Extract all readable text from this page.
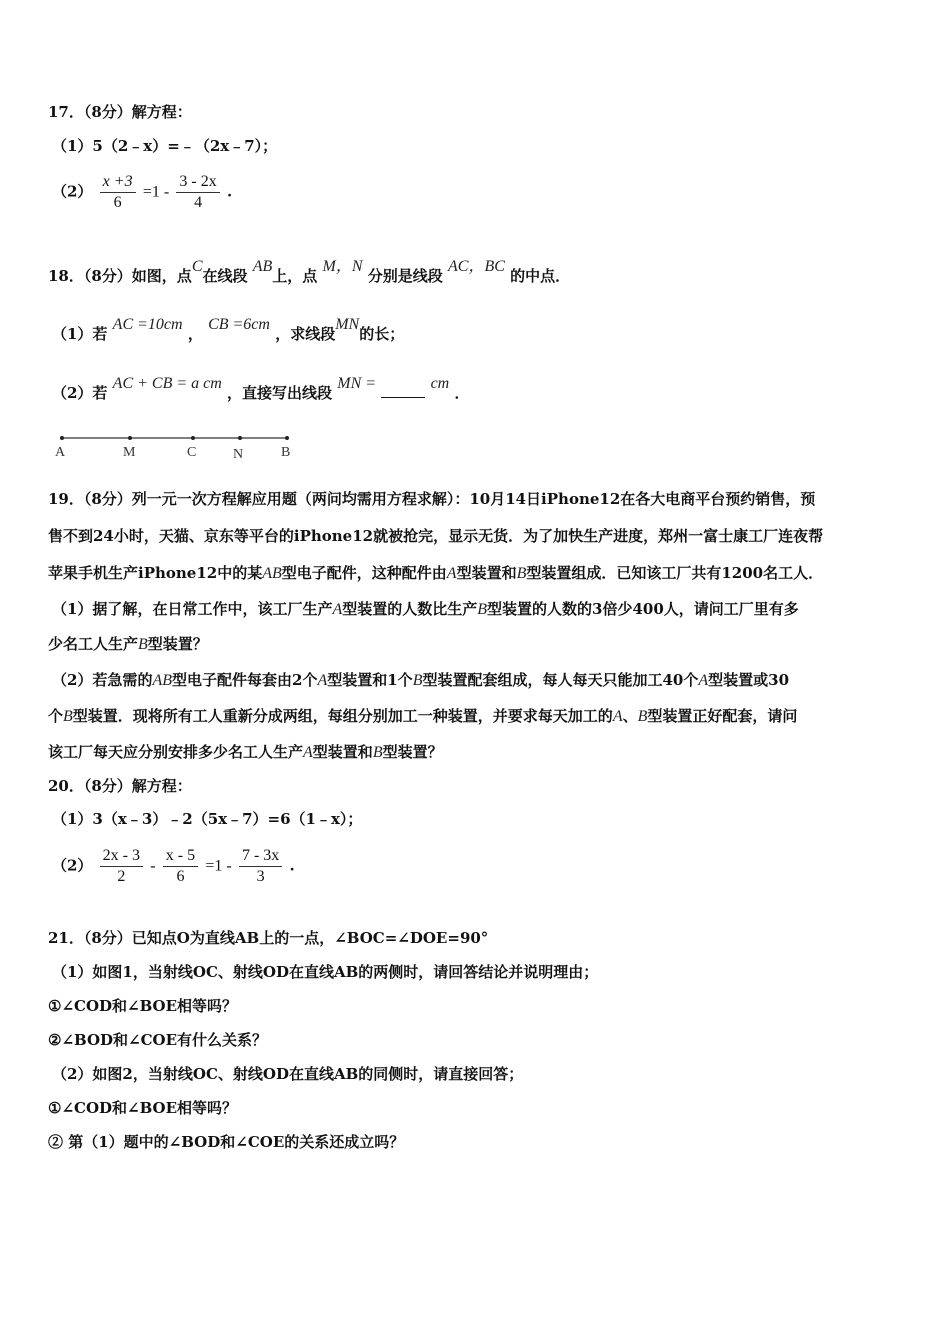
17．（8分）解方程：
（1）5（2﹣x）=﹣（2x﹣7）；
$(2) \frac{x +3}{6} =1 - \frac{3 - 2x}{4}$ .
18．（8分）如图，点C在线段 AB上，点 M，N 分别是线段 AC，BC 的中点．
（1）若 AC =10cm ， CB =6cm ，求线段MN的长；
（2）若 AC + CB = a cm ，直接写出线段 MN =	cm ．
A	M	C	N	B
19．（8分）列一元一次方程解应用题（两问均需用方程求解）：10月14日iPhone12在各大电商平台预约销售，预
售不到24小时，天猫、京东等平台的iPhone12就被抢完，显示无货．为了加快生产进度，郑州一富士康工厂连夜帮
苹果手机生产iPhone12中的某AB型电子配件，这种配件由A型装置和B型装置组成．已知该工厂共有1200名工人．
（1）据了解，在日常工作中，该工厂生产A型装置的人数比生产B型装置的人数的3倍少400人，请问工厂里有多
少名工人生产B型装置？
（2）若急需的AB型电子配件每套由2个A型装置和1个B型装置配套组成，每人每天只能加工40个A型装置或30
个B型装置．现将所有工人重新分成两组，每组分别加工一种装置，并要求每天加工的A、B型装置正好配套，请问
该工厂每天应分别安排多少名工人生产A型装置和B型装置？
20．（8分）解方程：
（1）3（x﹣3）﹣2（5x﹣7）=6（1﹣x）；
$(2) \frac{2x - 3}{2} - \frac{x - 5}{6} =1 - \frac{7 - 3x}{3}$ .
21．（8分）已知点O为直线AB上的一点，∠BOC=∠DOE=90°
（1）如图1，当射线OC、射线OD在直线AB的两侧时，请回答结论并说明理由；
①∠COD和∠BOE相等吗？
②∠BOD和∠COE有什么关系？
（2）如图2，当射线OC、射线OD在直线AB的同侧时，请直接回答；
①∠COD和∠BOE相等吗？
② 第（1）题中的∠BOD和∠COE的关系还成立吗？
